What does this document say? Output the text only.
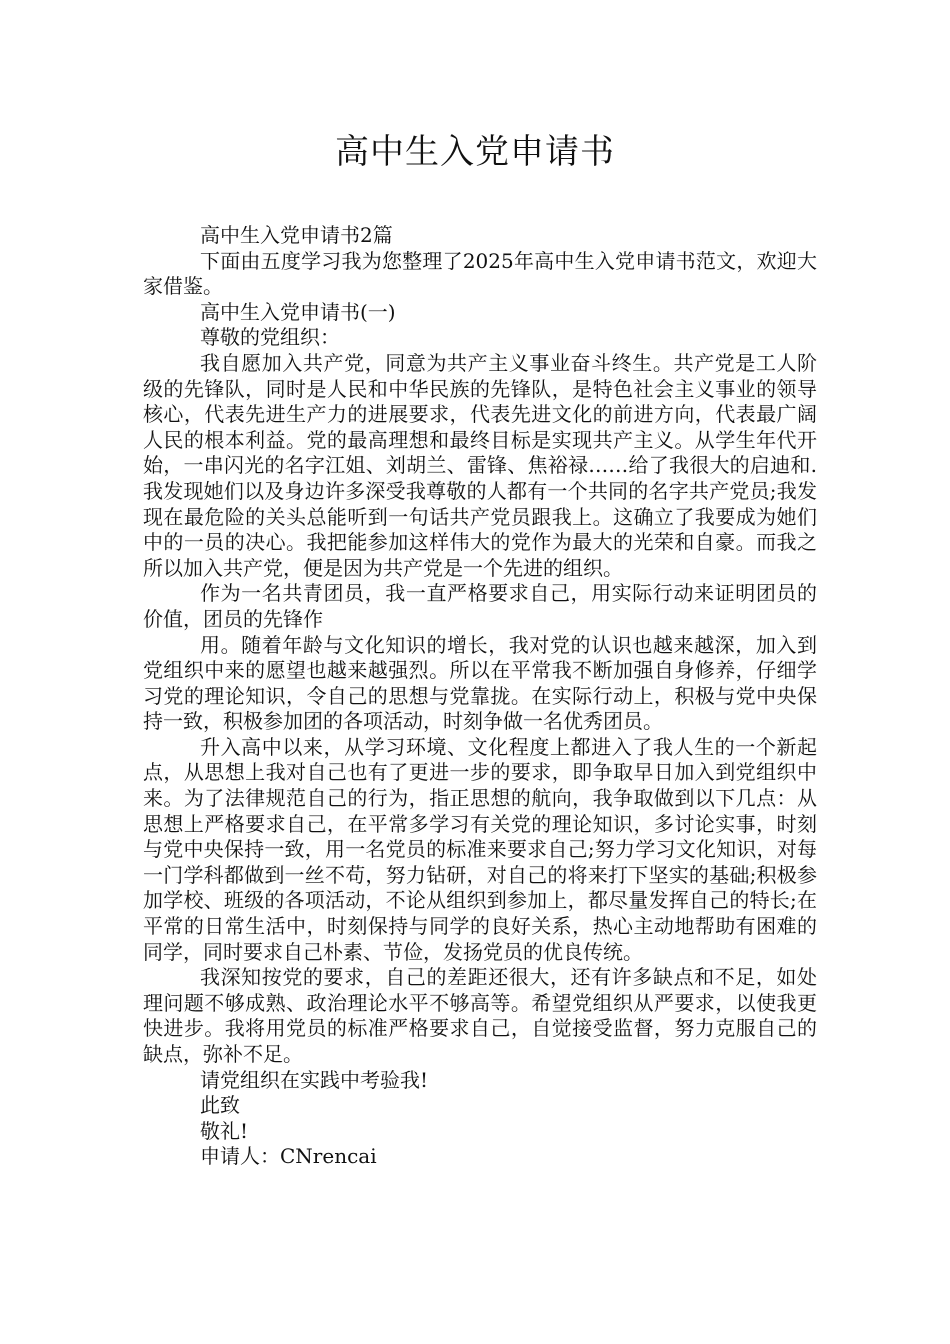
高中生入党申请书

高中生入党申请书2篇

下面由五度学习我为您整理了2025年高中生入党申请书范文，欢迎大家借鉴。

高中生入党申请书(一)

尊敬的党组织：

我自愿加入共产党，同意为共产主义事业奋斗终生。共产党是工人阶级的先锋队，同时是人民和中华民族的先锋队，是特色社会主义事业的领导核心，代表先进生产力的进展要求，代表先进文化的前进方向，代表最广阔人民的根本利益。党的最高理想和最终目标是实现共产主义。从学生年代开始，一串闪光的名字江姐、刘胡兰、雷锋、焦裕禄……给了我很大的启迪和.我发现她们以及身边许多深受我尊敬的人都有一个共同的名字共产党员;我发现在最危险的关头总能听到一句话共产党员跟我上。这确立了我要成为她们中的一员的决心。我把能参加这样伟大的党作为最大的光荣和自豪。而我之所以加入共产党，便是因为共产党是一个先进的组织。

作为一名共青团员，我一直严格要求自己，用实际行动来证明团员的价值，团员的先锋作

用。随着年龄与文化知识的增长，我对党的认识也越来越深，加入到党组织中来的愿望也越来越强烈。所以在平常我不断加强自身修养，仔细学习党的理论知识，令自己的思想与党靠拢。在实际行动上，积极与党中央保持一致，积极参加团的各项活动，时刻争做一名优秀团员。

升入高中以来，从学习环境、文化程度上都进入了我人生的一个新起点，从思想上我对自己也有了更进一步的要求，即争取早日加入到党组织中来。为了法律规范自己的行为，指正思想的航向，我争取做到以下几点：从思想上严格要求自己，在平常多学习有关党的理论知识，多讨论实事，时刻与党中央保持一致，用一名党员的标准来要求自己;努力学习文化知识，对每一门学科都做到一丝不苟，努力钻研，对自己的将来打下坚实的基础;积极参加学校、班级的各项活动，不论从组织到参加上，都尽量发挥自己的特长;在平常的日常生活中，时刻保持与同学的良好关系，热心主动地帮助有困难的同学，同时要求自己朴素、节俭，发扬党员的优良传统。

我深知按党的要求，自己的差距还很大，还有许多缺点和不足，如处理问题不够成熟、政治理论水平不够高等。希望党组织从严要求，以使我更快进步。我将用党员的标准严格要求自己，自觉接受监督，努力克服自己的缺点，弥补不足。

请党组织在实践中考验我!

此致

敬礼!

申请人：CNrencai
